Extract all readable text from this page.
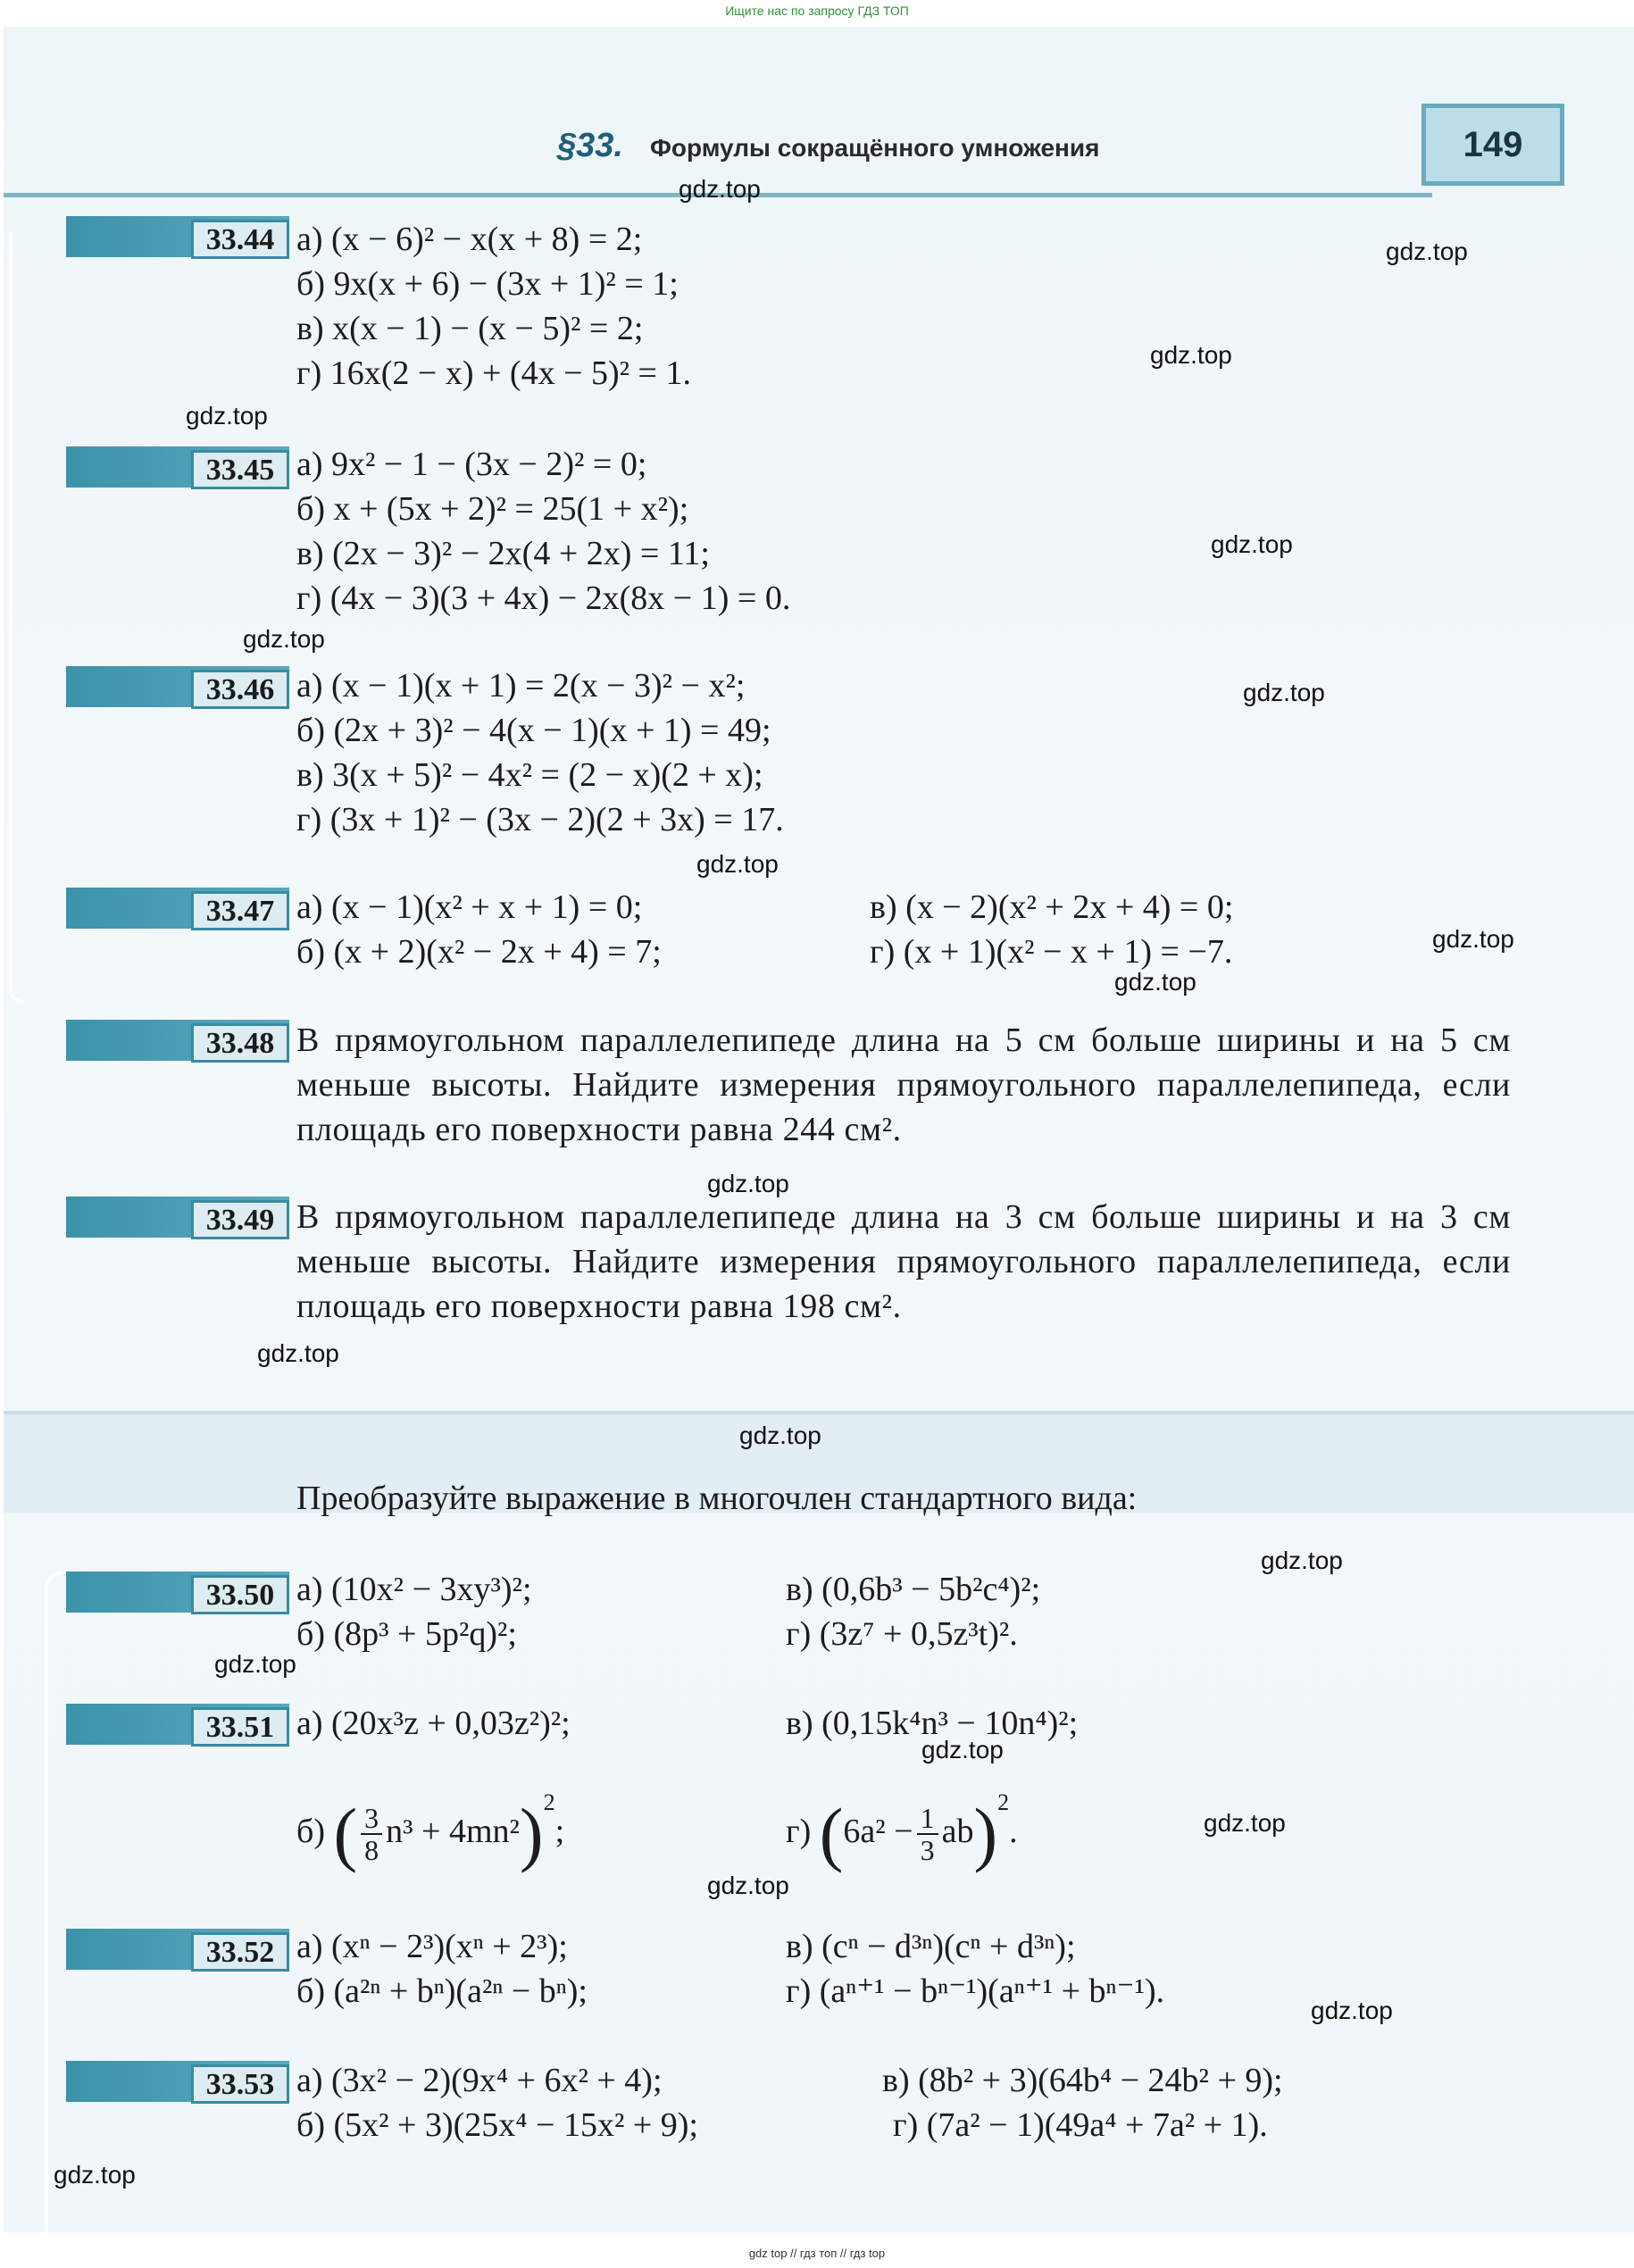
Ищите нас по запросу ГДЗ ТОП
§33. Формулы сокращённого умножения	149
33.44 а) (x − 6)² − x(x + 8) = 2;
б) 9x(x + 6) − (3x + 1)² = 1;
в) x(x − 1) − (x − 5)² = 2;
г) 16x(2 − x) + (4x − 5)² = 1.
33.45 а) 9x² − 1 − (3x − 2)² = 0;
б) x + (5x + 2)² = 25(1 + x²);
в) (2x − 3)² − 2x(4 + 2x) = 11;
г) (4x − 3)(3 + 4x) − 2x(8x − 1) = 0.
33.46 а) (x − 1)(x + 1) = 2(x − 3)² − x²;
б) (2x + 3)² − 4(x − 1)(x + 1) = 49;
в) 3(x + 5)² − 4x² = (2 − x)(2 + x);
г) (3x + 1)² − (3x − 2)(2 + 3x) = 17.
33.47 а) (x − 1)(x² + x + 1) = 0;
б) (x + 2)(x² − 2x + 4) = 7;
в) (x − 2)(x² + 2x + 4) = 0;
г) (x + 1)(x² − x + 1) = −7.
33.48 В прямоугольном параллелепипеде длина на 5 см больше ширины и на 5 см меньше высоты. Найдите измерения прямоугольного параллелепипеда, если площадь его поверхности равна 244 см².
33.49 В прямоугольном параллелепипеде длина на 3 см больше ширины и на 3 см меньше высоты. Найдите измерения прямоугольного параллелепипеда, если площадь его поверхности равна 198 см².
Преобразуйте выражение в многочлен стандартного вида:
33.50 а) (10x² − 3xy³)²;
б) (8p³ + 5p²q)²;
в) (0,6b³ − 5b²c⁴)²;
г) (3z⁷ + 0,5z³t)².
33.51 а) (20x³z + 0,03z²)²;	в) (0,15k⁴n³ − 10n⁴)²;
б) ( $\frac{3}{8} n^3 + 4mn^2)^2$;	г) $(6a^2 - \frac{1}{3} ab)^2$.
33.52 а) (xⁿ − 2³)(xⁿ + 2³);
б) (a²ⁿ + bⁿ)(a²ⁿ − bⁿ);
в) (cⁿ − d³ⁿ)(cⁿ + d³ⁿ);
г) (aⁿ⁺¹ − bⁿ⁻¹)(aⁿ⁺¹ + bⁿ⁻¹).
33.53 а) (3x² − 2)(9x⁴ + 6x² + 4);
б) (5x² + 3)(25x⁴ − 15x² + 9);
в) (8b² + 3)(64b⁴ − 24b² + 9);
г) (7a² − 1)(49a⁴ + 7a² + 1).
gdz.top
gdz.top
gdz.top
gdz.top
gdz.top
gdz.top
gdz.top
gdz.top
gdz.top
gdz.top
gdz.top
gdz.top
gdz.top
gdz.top
gdz.top
gdz.top
gdz.top
gdz.top
gdz.top
gdz.top
gdz top // гдз топ // гдз top
